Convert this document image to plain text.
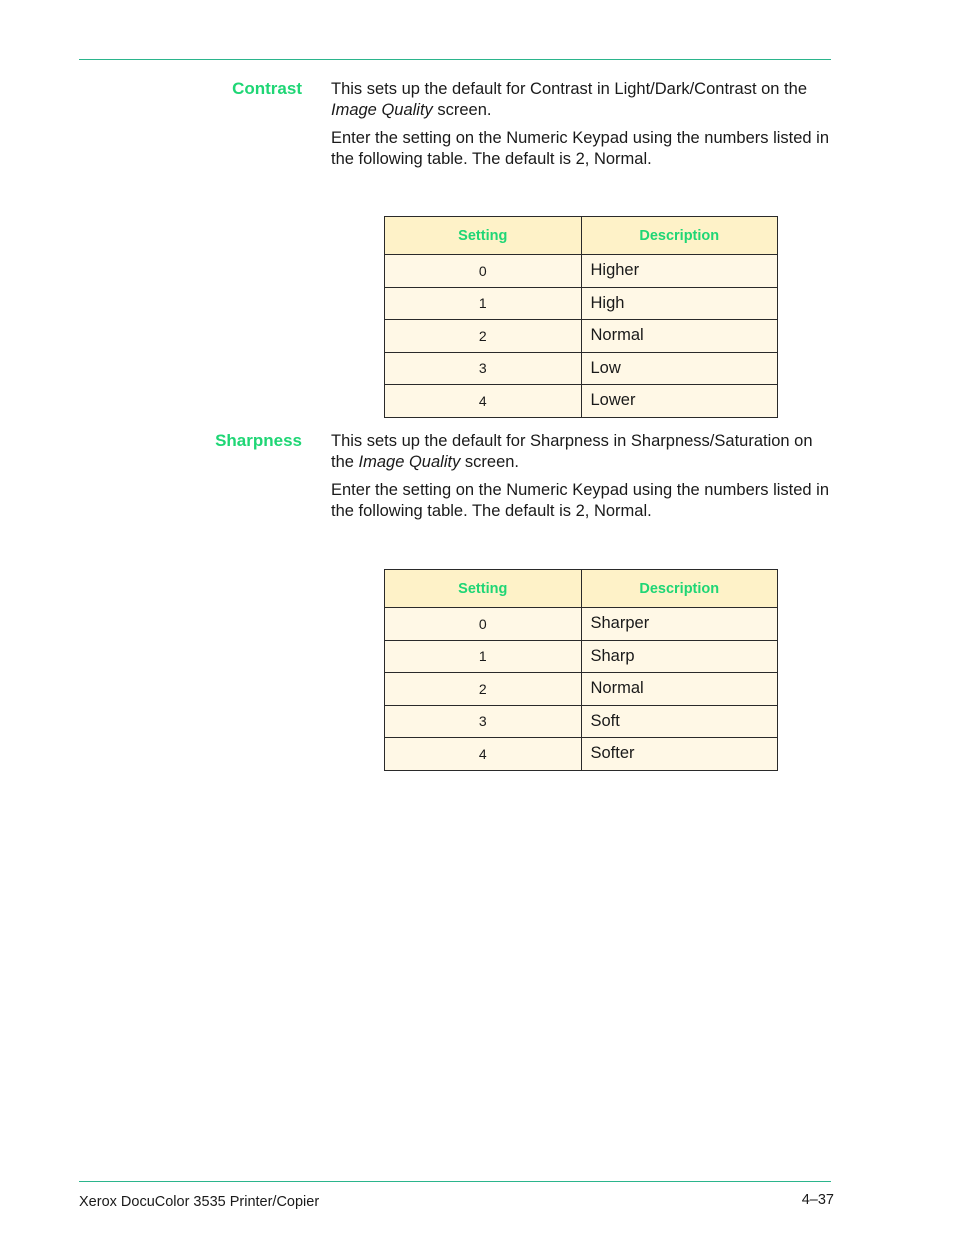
Contrast This sets up the default for Contrast in Light/Dark/Contrast on the Image Quality screen.

Enter the setting on the Numeric Keypad using the numbers listed in the following table. The default is 2, Normal.

Setting	Description
0	Higher
1	High
2	Normal
3	Low
4	Lower
Sharpness This sets up the default for Sharpness in Sharpness/Saturation on the Image Quality screen.

Enter the setting on the Numeric Keypad using the numbers listed in the following table. The default is 2, Normal.

Setting	Description
0	Sharper
1	Sharp
2	Normal
3	Soft
4	Softer
Xerox DocuColor 3535 Printer/Copier	4–37
